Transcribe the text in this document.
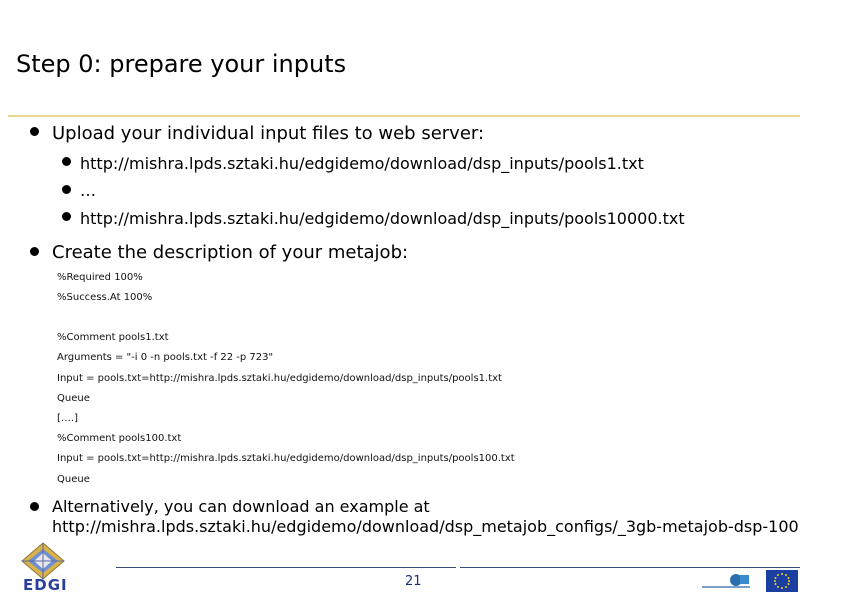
Step 0: prepare your inputs
Upload your individual input files to web server:
http://mishra.lpds.sztaki.hu/edgidemo/download/dsp_inputs/pools1.txt
…
http://mishra.lpds.sztaki.hu/edgidemo/download/dsp_inputs/pools10000.txt
Create the description of your metajob:
%Required 100%
%Success.At 100%
%Comment pools1.txt
Arguments = "-i 0 -n pools.txt -f 22 -p 723"
Input = pools.txt=http://mishra.lpds.sztaki.hu/edgidemo/download/dsp_inputs/pools1.txt
Queue
[….]
%Comment pools100.txt
Input = pools.txt=http://mishra.lpds.sztaki.hu/edgidemo/download/dsp_inputs/pools100.txt
Queue
Alternatively, you can download an example at
http://mishra.lpds.sztaki.hu/edgidemo/download/dsp_metajob_configs/_3gb-metajob-dsp-100
21
EDGI
